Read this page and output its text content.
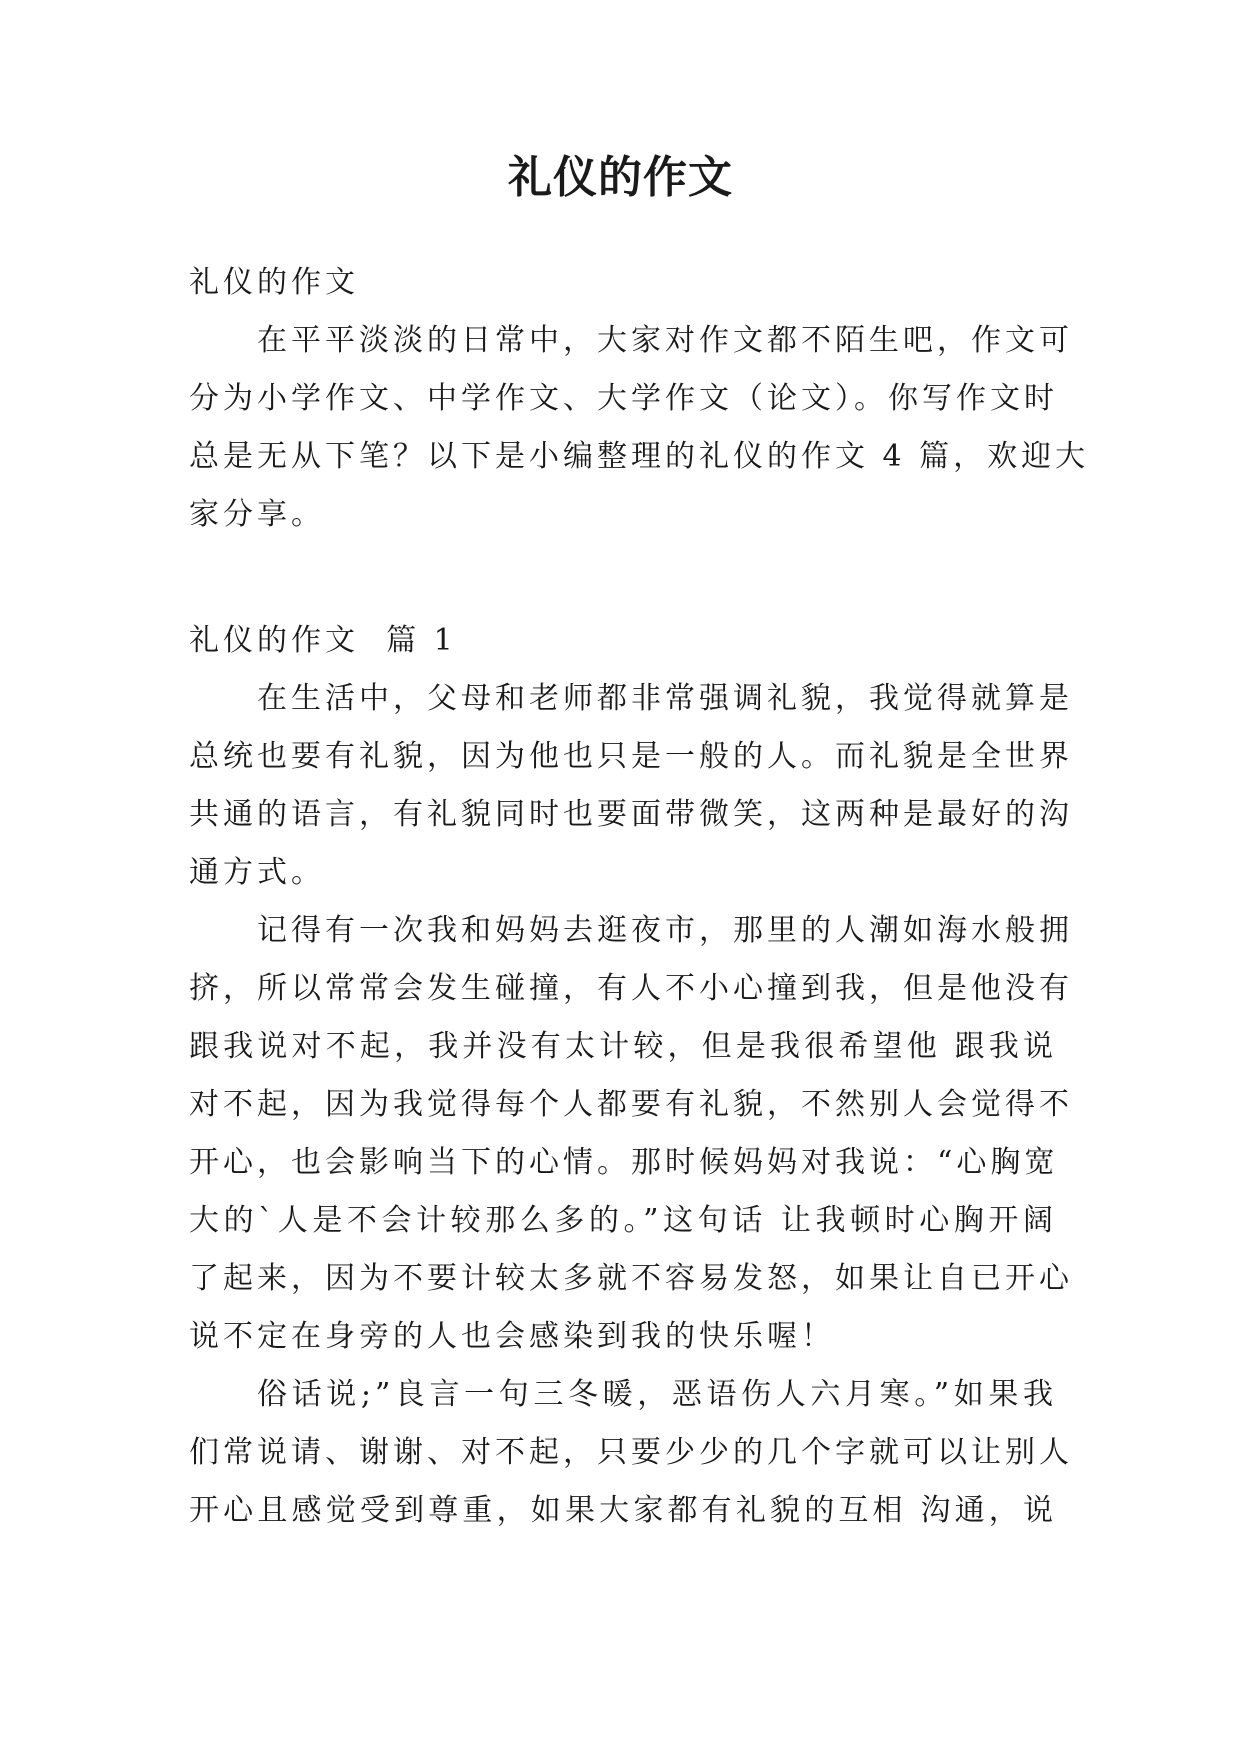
礼仪的作文
礼仪的作文
在平平淡淡的日常中，大家对作文都不陌生吧，作文可
分为小学作文、中学作文、大学作文（论文）。你写作文时
总是无从下笔？以下是小编整理的礼仪的作文 4 篇，欢迎大
家分享。
礼仪的作文  篇 1
在生活中，父母和老师都非常强调礼貌，我觉得就算是
总统也要有礼貌，因为他也只是一般的人。而礼貌是全世界
共通的语言，有礼貌同时也要面带微笑，这两种是最好的沟
通方式。
记得有一次我和妈妈去逛夜市，那里的人潮如海水般拥
挤，所以常常会发生碰撞，有人不小心撞到我，但是他没有
跟我说对不起，我并没有太计较，但是我很希望他 跟我说
对不起，因为我觉得每个人都要有礼貌，不然别人会觉得不
开心，也会影响当下的心情。那时候妈妈对我说：“心胸宽
大的`人是不会计较那么多的。”这句话 让我顿时心胸开阔
了起来，因为不要计较太多就不容易发怒，如果让自已开心
说不定在身旁的人也会感染到我的快乐喔！
俗话说;”良言一句三冬暖，恶语伤人六月寒。”如果我
们常说请、谢谢、对不起，只要少少的几个字就可以让别人
开心且感觉受到尊重，如果大家都有礼貌的互相 沟通，说
